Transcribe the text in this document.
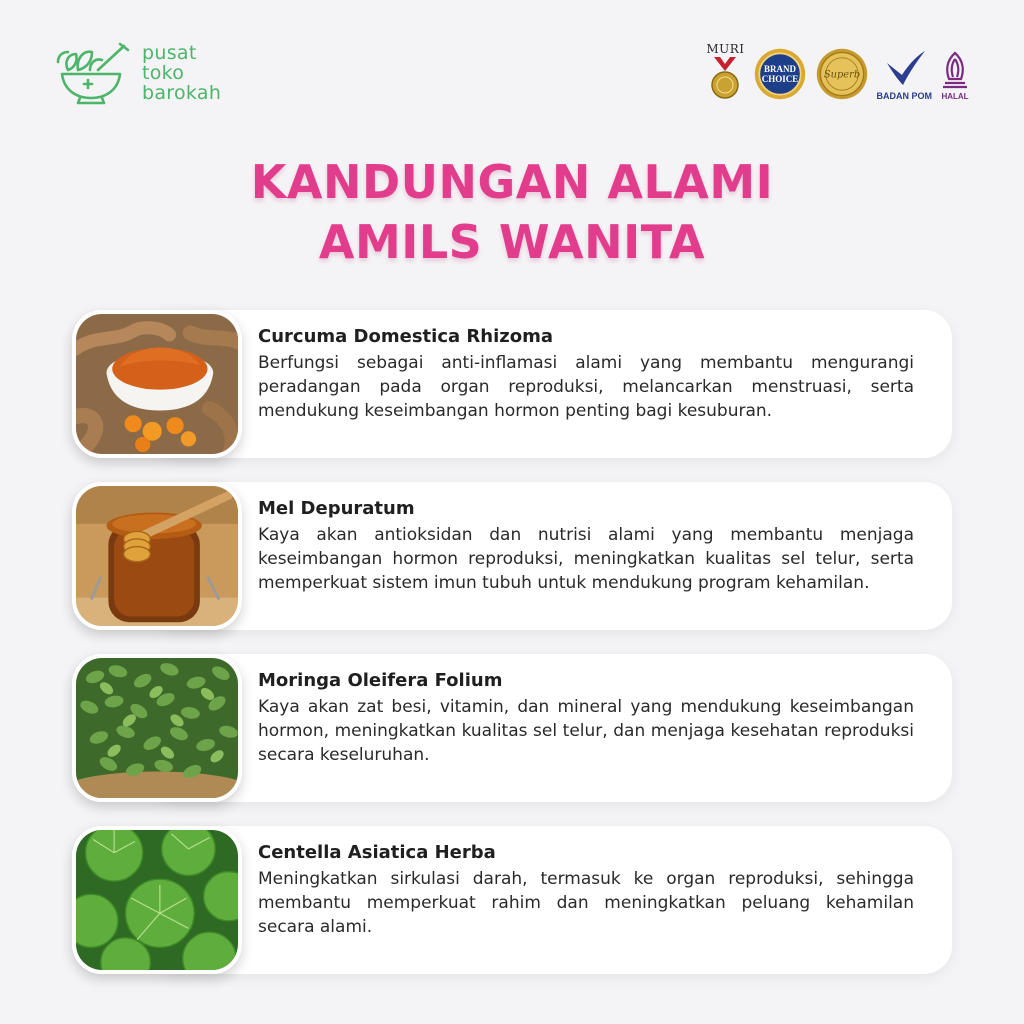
pusat
toko
barokah
MURI
BRAND
CHOICE Superb
BADAN POM HALAL
KANDUNGAN ALAMI
AMILS WANITA
Curcuma Domestica Rhizoma
Berfungsi sebagai anti-inflamasi alami yang membantu mengurangi peradangan pada organ reproduksi, melancarkan menstruasi, serta mendukung keseimbangan hormon penting bagi kesuburan.
Mel Depuratum
Kaya akan antioksidan dan nutrisi alami yang membantu menjaga keseimbangan hormon reproduksi, meningkatkan kualitas sel telur, serta memperkuat sistem imun tubuh untuk mendukung program kehamilan.
Moringa Oleifera Folium
Kaya akan zat besi, vitamin, dan mineral yang mendukung keseimbangan hormon, meningkatkan kualitas sel telur, dan menjaga kesehatan reproduksi secara keseluruhan.
Centella Asiatica Herba
Meningkatkan sirkulasi darah, termasuk ke organ reproduksi, sehingga membantu memperkuat rahim dan meningkatkan peluang kehamilan secara alami.
